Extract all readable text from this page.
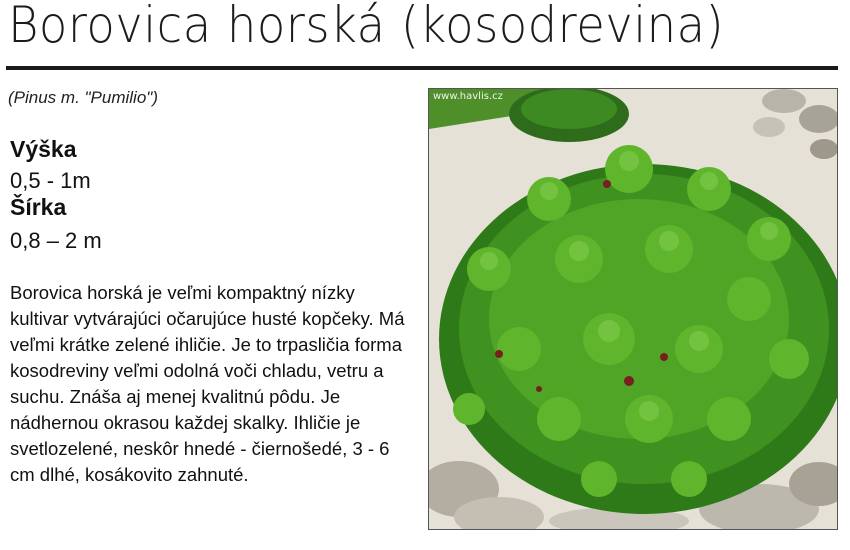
Borovica horská (kosodrevina)
(Pinus m. "Pumilio")
Výška
0,5 - 1m
Šírka
0,8 – 2 m
Borovica horská je veľmi kompaktný nízky kultivar vytvárajúci očarujúce husté kopčeky. Má veľmi krátke zelené ihličie. Je to trpasličia forma kosodreviny veľmi odolná voči chladu, vetru a suchu. Znáša aj menej kvalitnú pôdu. Je nádhernou okrasou každej skalky. Ihličie je svetlozelené, neskôr hnedé - čiernošedé, 3 - 6 cm dlhé, kosákovito zahnuté.
www.havlis.cz
